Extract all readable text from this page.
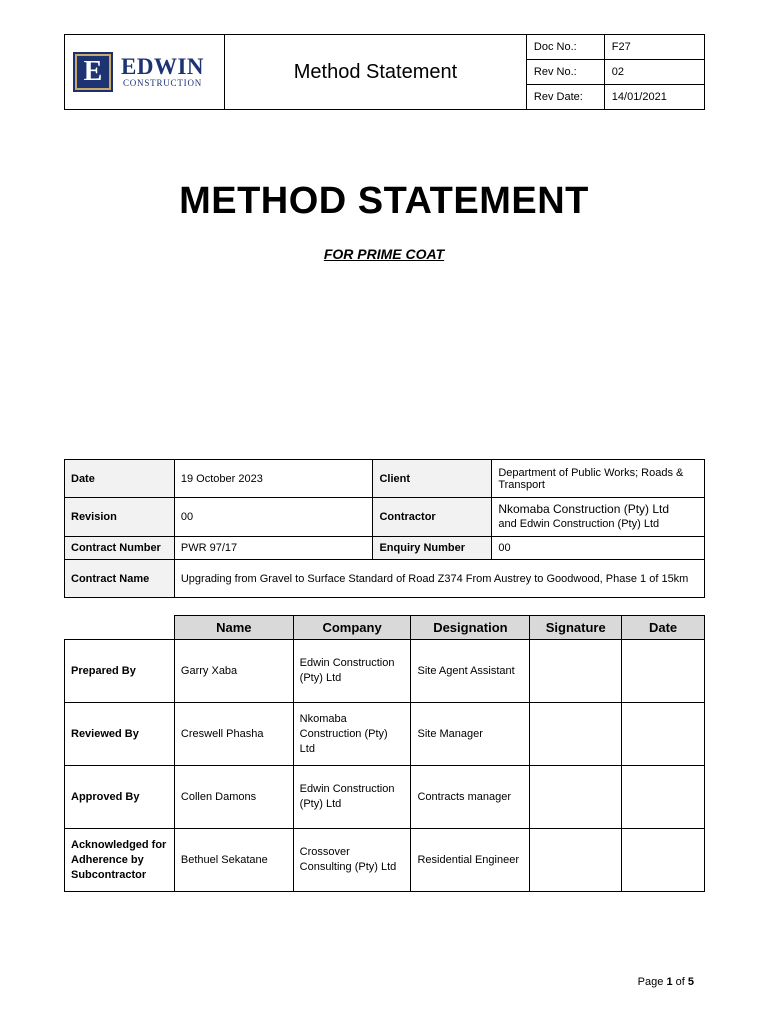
E EDWIN
CONSTRUCTION	Method Statement	Doc No.:	F27
		Rev No.:	02
		Rev Date:	14/01/2021
METHOD STATEMENT
FOR PRIME COAT
Date	19 October 2023	Client	Department of Public Works; Roads & Transport
Revision	00	Contractor	Nkomaba Construction (Pty) Ltd
and Edwin Construction (Pty) Ltd

Contract Number	PWR 97/17	Enquiry Number	00
Contract Name	Upgrading from Gravel to Surface Standard of Road Z374 From Austrey to Goodwood, Phase 1 of 15km		
	Name	Company	Designation	Signature	Date
Prepared By	Garry Xaba	Edwin Construction (Pty) Ltd	Site Agent Assistant		
Reviewed By	Creswell Phasha	Nkomaba Construction (Pty) Ltd	Site Manager		
Approved By	Collen Damons	Edwin Construction (Pty) Ltd	Contracts manager		
Acknowledged for Adherence by Subcontractor	Bethuel Sekatane	Crossover Consulting (Pty) Ltd	Residential Engineer		
Page 1 of 5
